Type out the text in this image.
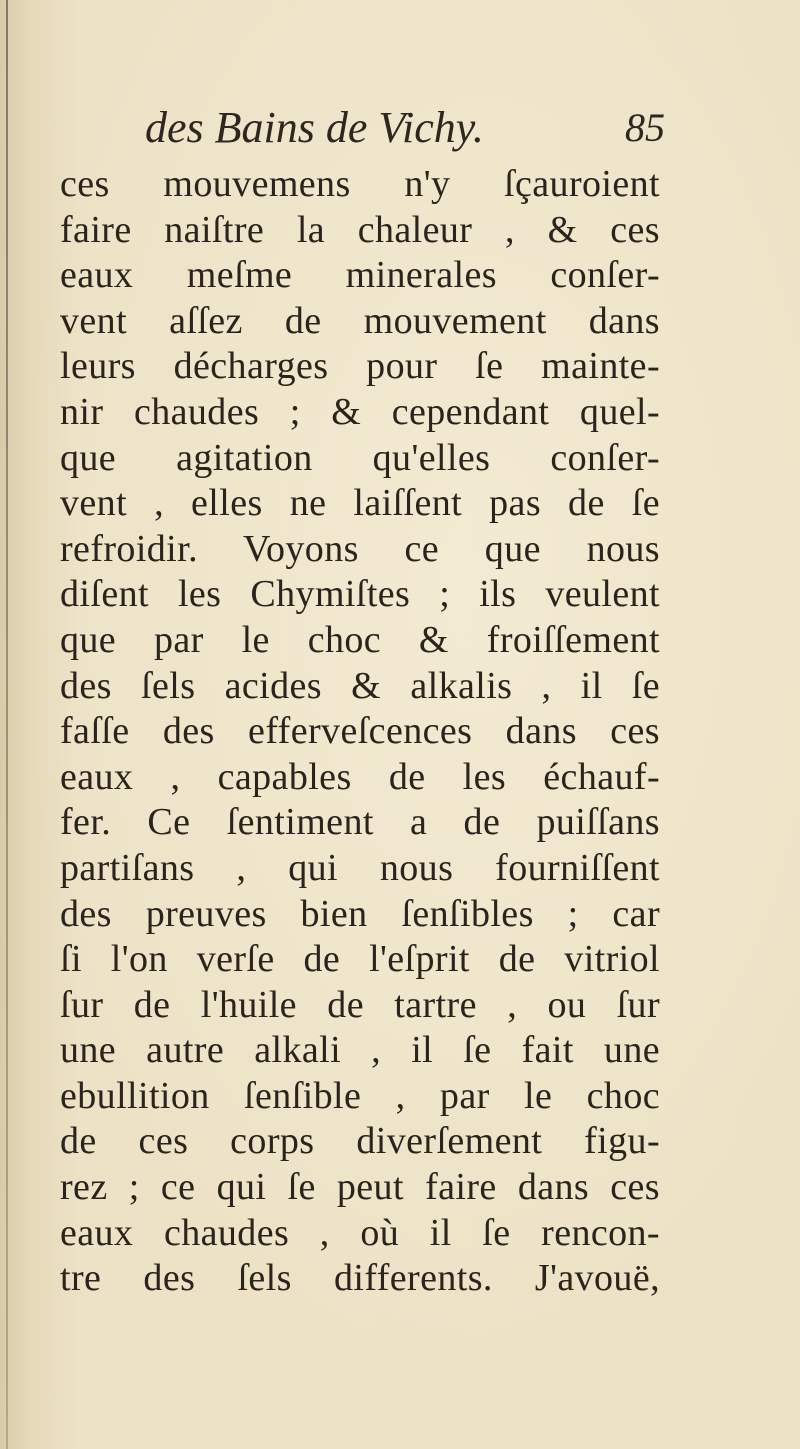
des Bains de Vichy.	85
ces mouvemens n'y ſçauroient
faire naiſtre la chaleur , & ces
eaux meſme minerales conſer-
vent aſſez de mouvement dans
leurs décharges pour ſe mainte-
nir chaudes ; & cependant quel-
que agitation qu'elles conſer-
vent , elles ne laiſſent pas de ſe
refroidir. Voyons ce que nous
diſent les Chymiſtes ; ils veulent
que par le choc & froiſſement
des ſels acides & alkalis , il ſe
faſſe des effervеſcences dans ces
eaux , capables de les échauf-
fer. Ce ſentiment a de puiſſans
partiſans , qui nous fourniſſent
des preuves bien ſenſibles ; car
ſi l'on verſe de l'eſprit de vitriol
ſur de l'huile de tartre , ou ſur
une autre alkali , il ſe fait une
ebullition ſenſible , par le choc
de ces corps diverſement figu-
rez ; ce qui ſe peut faire dans ces
eaux chaudes , où il ſe rencon-
tre des ſels differents. J'avouë,
